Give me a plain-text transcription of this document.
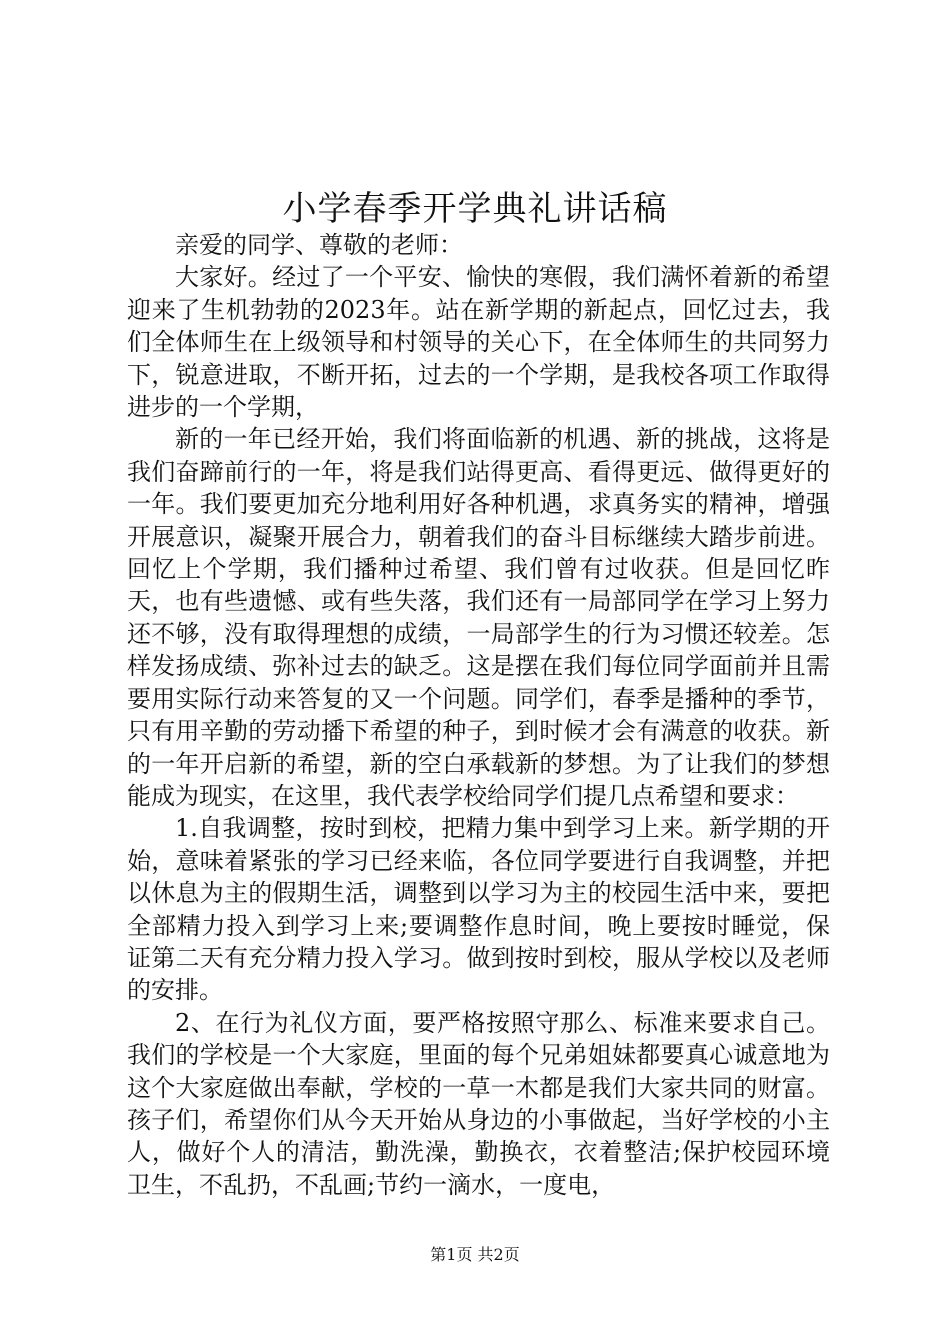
小学春季开学典礼讲话稿

亲爱的同学、尊敬的老师：

大家好。经过了一个平安、愉快的寒假，我们满怀着新的希望迎来了生机勃勃的2023年。站在新学期的新起点，回忆过去，我们全体师生在上级领导和村领导的关心下，在全体师生的共同努力下，锐意进取，不断开拓，过去的一个学期，是我校各项工作取得进步的一个学期，

新的一年已经开始，我们将面临新的机遇、新的挑战，这将是我们奋蹄前行的一年，将是我们站得更高、看得更远、做得更好的一年。我们要更加充分地利用好各种机遇，求真务实的精神，增强开展意识，凝聚开展合力，朝着我们的奋斗目标继续大踏步前进。回忆上个学期，我们播种过希望、我们曾有过收获。但是回忆昨天，也有些遗憾、或有些失落，我们还有一局部同学在学习上努力还不够，没有取得理想的成绩，一局部学生的行为习惯还较差。怎样发扬成绩、弥补过去的缺乏。这是摆在我们每位同学面前并且需要用实际行动来答复的又一个问题。同学们，春季是播种的季节，只有用辛勤的劳动播下希望的种子，到时候才会有满意的收获。新的一年开启新的希望，新的空白承载新的梦想。为了让我们的梦想能成为现实，在这里，我代表学校给同学们提几点希望和要求：

1.自我调整，按时到校，把精力集中到学习上来。新学期的开始，意味着紧张的学习已经来临，各位同学要进行自我调整，并把以休息为主的假期生活，调整到以学习为主的校园生活中来，要把全部精力投入到学习上来;要调整作息时间，晚上要按时睡觉，保证第二天有充分精力投入学习。做到按时到校，服从学校以及老师的安排。

2、在行为礼仪方面，要严格按照守那么、标准来要求自己。我们的学校是一个大家庭，里面的每个兄弟姐妹都要真心诚意地为这个大家庭做出奉献，学校的一草一木都是我们大家共同的财富。孩子们，希望你们从今天开始从身边的小事做起，当好学校的小主人，做好个人的清洁，勤洗澡，勤换衣，衣着整洁;保护校园环境卫生，不乱扔，不乱画;节约一滴水，一度电，

第1页 共2页
